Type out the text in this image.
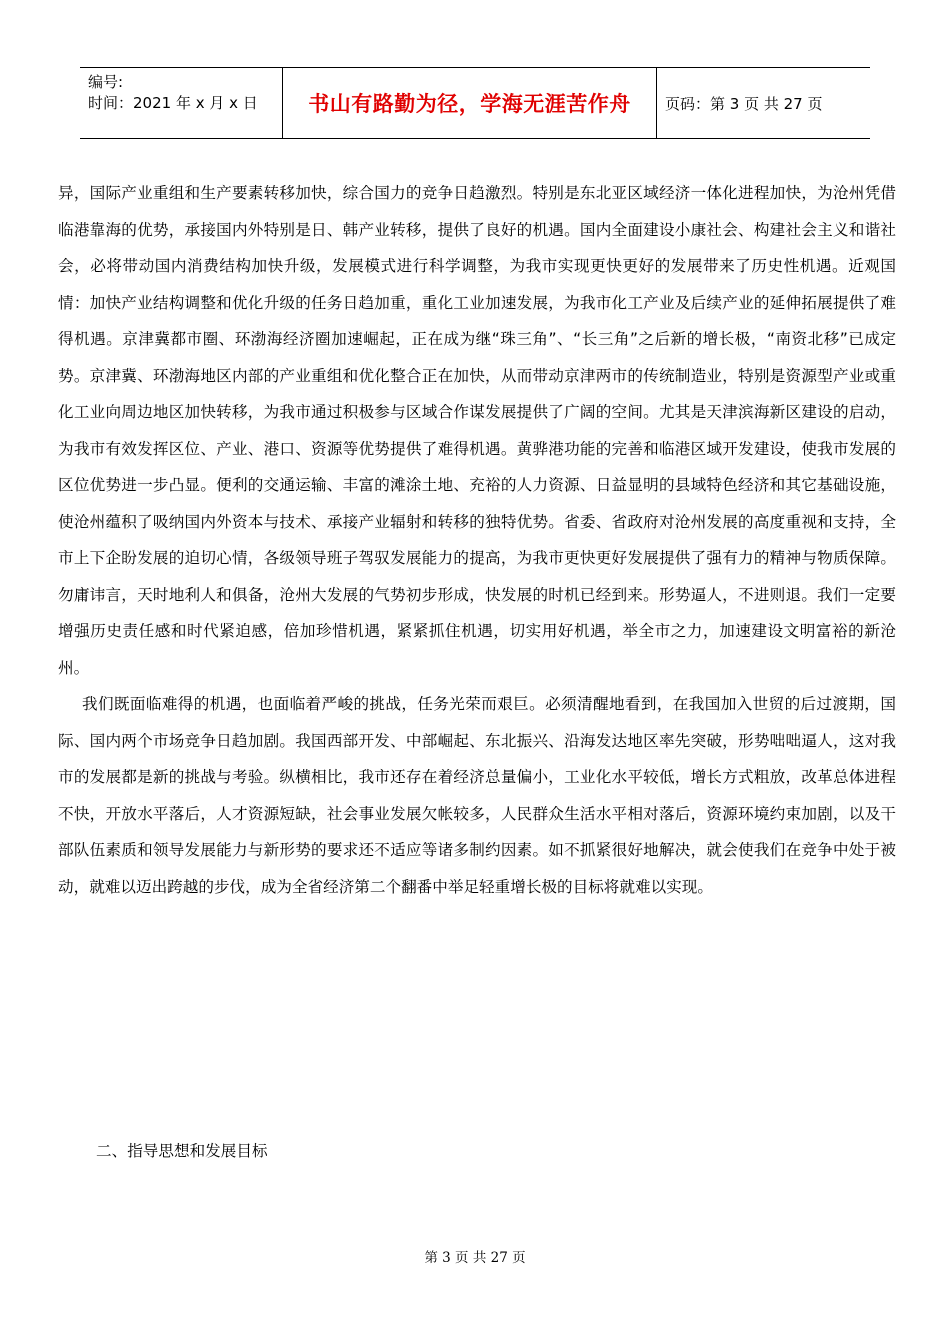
编号:
时间：2021 年 x 月 x 日	书山有路勤为径，学海无涯苦作舟 页码：第 3 页 共 27 页

异，国际产业重组和生产要素转移加快，综合国力的竞争日趋激烈。特别是东北亚区域经济一体化进程加快，为沧州凭借临港靠海的优势，承接国内外特别是日、韩产业转移，提供了良好的机遇。国内全面建设小康社会、构建社会主义和谐社会，必将带动国内消费结构加快升级，发展模式进行科学调整，为我市实现更快更好的发展带来了历史性机遇。近观国情：加快产业结构调整和优化升级的任务日趋加重，重化工业加速发展，为我市化工产业及后续产业的延伸拓展提供了难得机遇。京津冀都市圈、环渤海经济圈加速崛起，正在成为继“珠三角”、“长三角”之后新的增长极，“南资北移”已成定势。京津冀、环渤海地区内部的产业重组和优化整合正在加快，从而带动京津两市的传统制造业，特别是资源型产业或重化工业向周边地区加快转移，为我市通过积极参与区域合作谋发展提供了广阔的空间。尤其是天津滨海新区建设的启动，为我市有效发挥区位、产业、港口、资源等优势提供了难得机遇。黄骅港功能的完善和临港区域开发建设，使我市发展的区位优势进一步凸显。便利的交通运输、丰富的滩涂土地、充裕的人力资源、日益显明的县域特色经济和其它基础设施，使沧州蕴积了吸纳国内外资本与技术、承接产业辐射和转移的独特优势。省委、省政府对沧州发展的高度重视和支持，全市上下企盼发展的迫切心情，各级领导班子驾驭发展能力的提高，为我市更快更好发展提供了强有力的精神与物质保障。勿庸讳言，天时地利人和俱备，沧州大发展的气势初步形成，快发展的时机已经到来。形势逼人，不进则退。我们一定要增强历史责任感和时代紧迫感，倍加珍惜机遇，紧紧抓住机遇，切实用好机遇，举全市之力，加速建设文明富裕的新沧州。

我们既面临难得的机遇，也面临着严峻的挑战，任务光荣而艰巨。必须清醒地看到，在我国加入世贸的后过渡期，国际、国内两个市场竞争日趋加剧。我国西部开发、中部崛起、东北振兴、沿海发达地区率先突破，形势咄咄逼人，这对我市的发展都是新的挑战与考验。纵横相比，我市还存在着经济总量偏小，工业化水平较低，增长方式粗放，改革总体进程不快，开放水平落后，人才资源短缺，社会事业发展欠帐较多，人民群众生活水平相对落后，资源环境约束加剧，以及干部队伍素质和领导发展能力与新形势的要求还不适应等诸多制约因素。如不抓紧很好地解决，就会使我们在竞争中处于被动，就难以迈出跨越的步伐，成为全省经济第二个翻番中举足轻重增长极的目标将就难以实现。

二、指导思想和发展目标
第 3 页 共 27 页
